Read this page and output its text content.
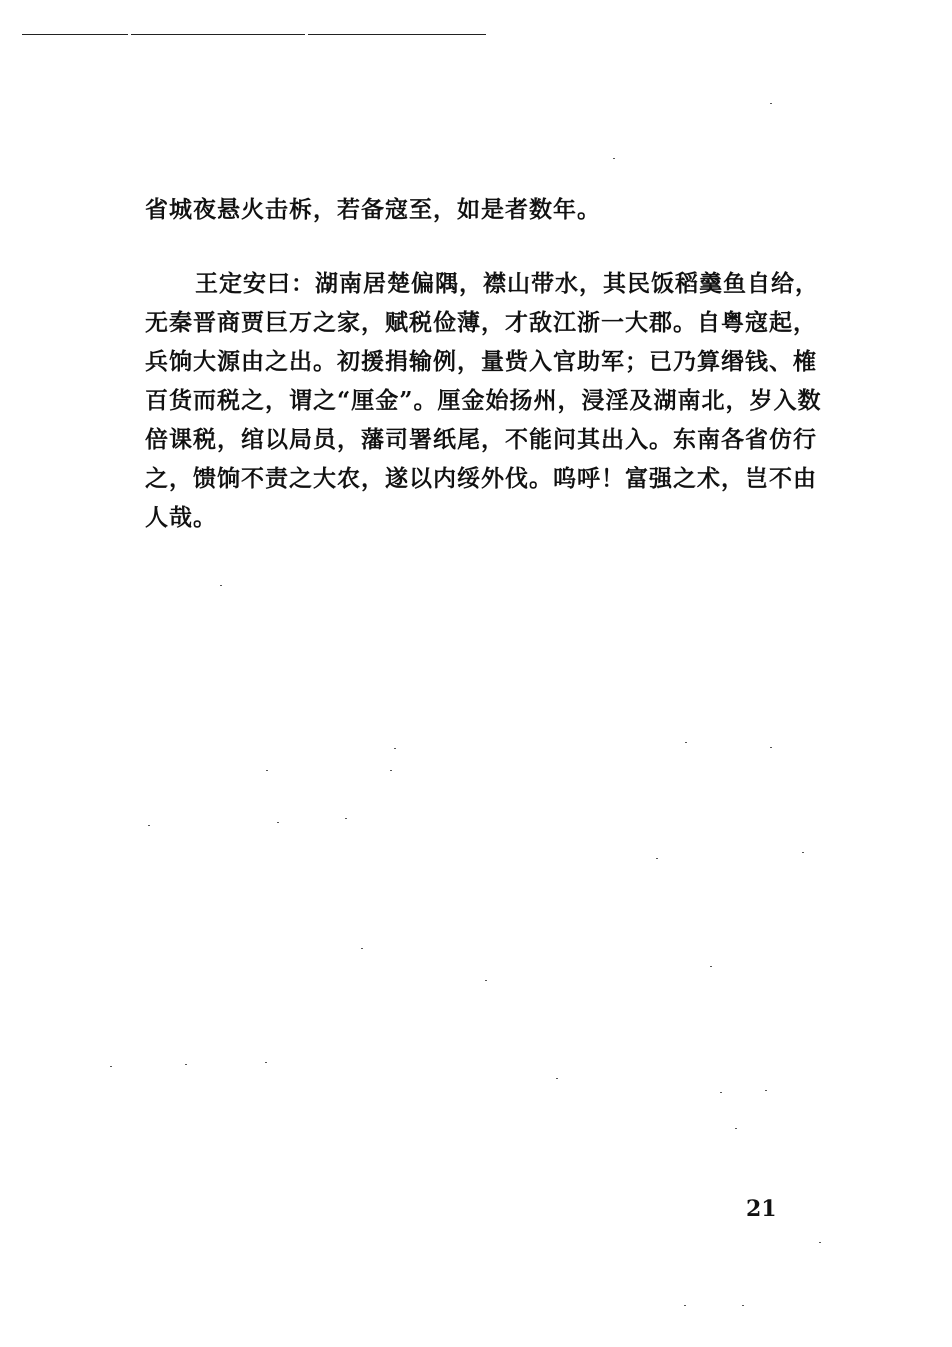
省城夜悬火击柝，若备寇至，如是者数年。
王定安曰：湖南居楚偏隅，襟山带水，其民饭稻羹鱼自给，
无秦晋商贾巨万之家，赋税俭薄，才敌江浙一大郡。自粤寇起，
兵饷大源由之出。初援捐输例，量赀入官助军；已乃算缗钱、榷
百货而税之，谓之“厘金”。厘金始扬州，浸淫及湖南北，岁入数
倍课税，绾以局员，藩司署纸尾，不能问其出入。东南各省仿行
之，馈饷不责之大农，遂以内绥外伐。呜呼！富强之术，岂不由
人哉。
21
